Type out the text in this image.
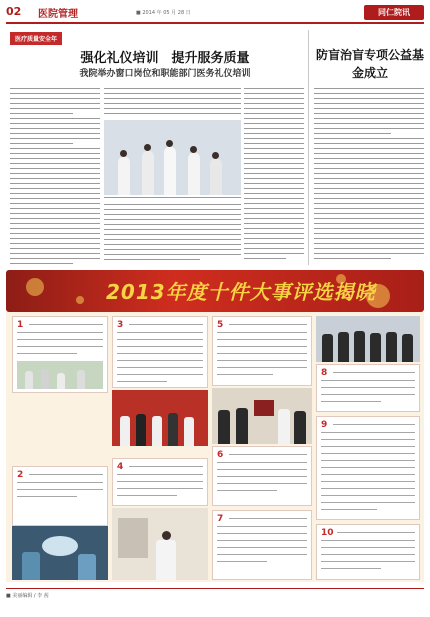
02 医院管理	■ 2014 年 05 月 28 日	同仁院讯
医疗质量安全年
强化礼仪培训　提升服务质量
我院举办窗口岗位和职能部门医务礼仪培训
防盲治盲专项公益基金成立
2013年度十件大事评选揭晓
1
2
3
4
5
6
7
8
9
10
■ 美丽编辑 / 李 茜
